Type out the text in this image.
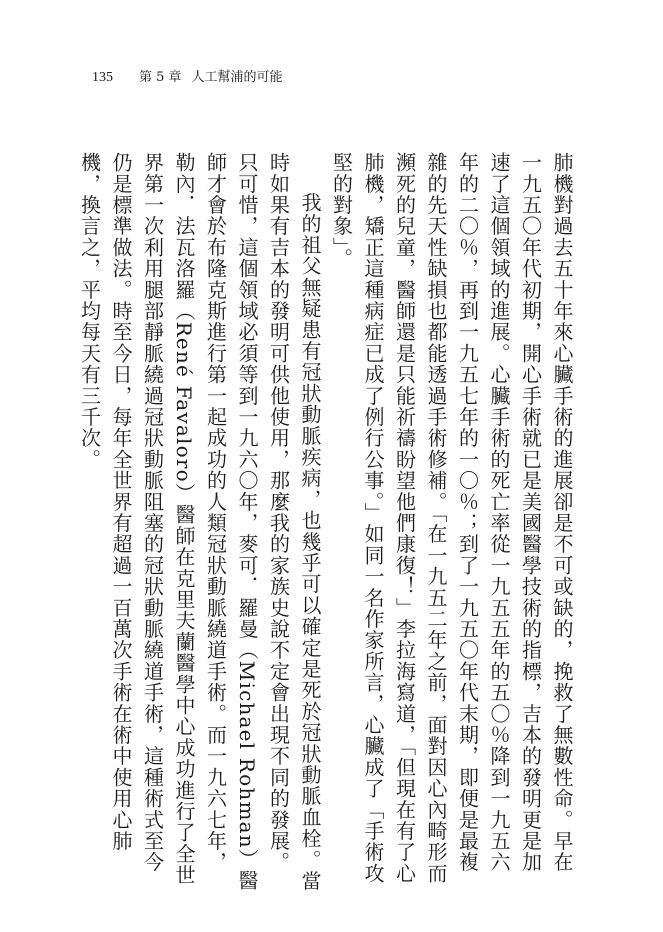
135 第 5 章 人工幫浦的可能

肺機對過去五十年來心臟手術的進展卻是不可或缺的，挽救了無數性命。早在一九五〇年代初期，開心手術就已是美國醫學技術的指標，吉本的發明更是加速了這個領域的進展。心臟手術的死亡率從一九五五年的五〇％降到一九五六年的二〇％，再到一九五七年的一〇％；到了一九五〇年代末期，即便是最複雜的先天性缺損也都能透過手術修補。「在一九五二年之前，面對因心內畸形而瀕死的兒童，醫師還是只能祈禱盼望他們康復！」李拉海寫道，「但現在有了心肺機，矯正這種病症已成了例行公事。」如同一名作家所言，心臟成了「手術攻堅的對象」。

我的祖父無疑患有冠狀動脈疾病，也幾乎可以確定是死於冠狀動脈血栓。當時如果有吉本的發明可供他使用，那麼我的家族史說不定會出現不同的發展。只可惜，這個領域必須等到一九六〇年，麥可．羅曼（Michael Rohman）醫師才會於布隆克斯進行第一起成功的人類冠狀動脈繞道手術。而一九六七年，勒內．法瓦洛羅（René Favaloro）醫師在克里夫蘭醫學中心成功進行了全世界第一次利用腿部靜脈繞過冠狀動脈阻塞的冠狀動脈繞道手術，這種術式至今仍是標準做法。時至今日，每年全世界有超過一百萬次手術在術中使用心肺機，換言之，平均每天有三千次。
